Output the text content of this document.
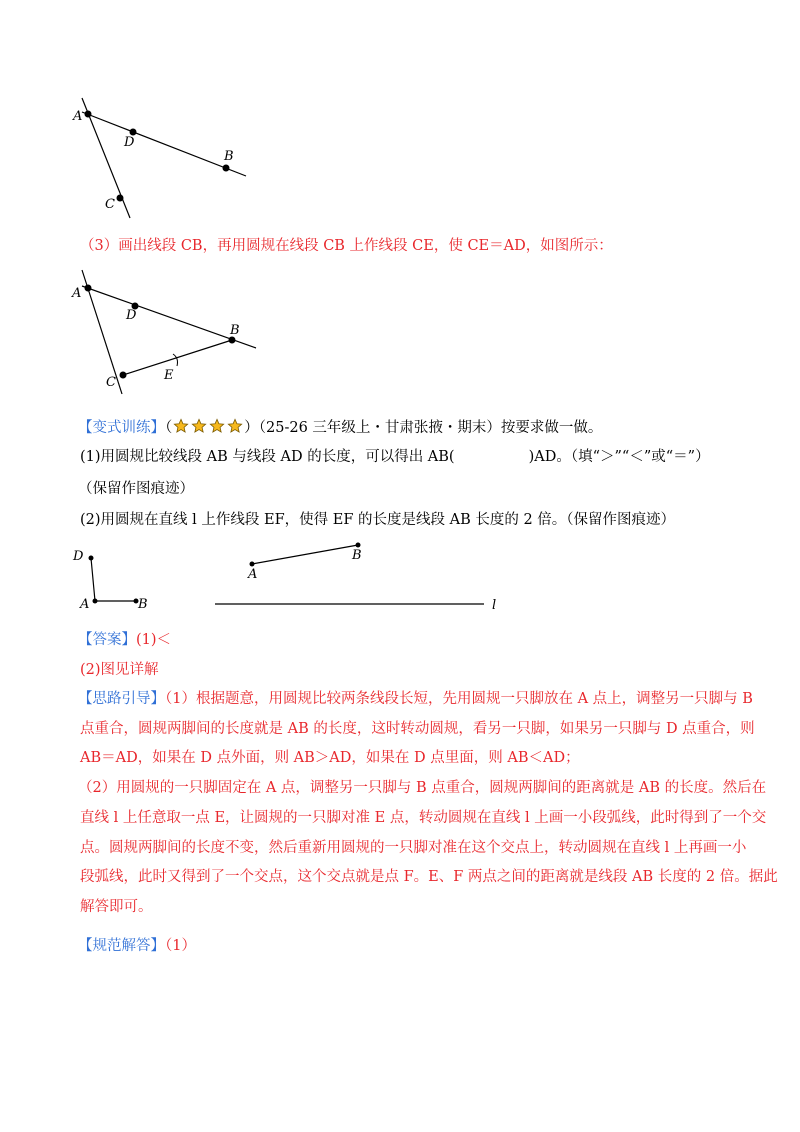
A
D
B
C
（3）画出线段 CB，再用圆规在线段 CB 上作线段 CE，使 CE＝AD，如图所示：
A
D
B
C	E
【变式训练】（	）（25-26 三年级上・甘肃张掖・期末）按要求做一做。
(1)用圆规比较线段 AB 与线段 AD 的长度，可以得出 AB(	)AD。（填“＞”“＜”或“＝”）
（保留作图痕迹）
(2)用圆规在直线 l 上作线段 EF，使得 EF 的长度是线段 AB 长度的 2 倍。（保留作图痕迹）
D
A	B
A
B
l
【答案】(1)＜
(2)图见详解
【思路引导】（1）根据题意，用圆规比较两条线段长短，先用圆规一只脚放在 A 点上，调整另一只脚与 B
点重合，圆规两脚间的长度就是 AB 的长度，这时转动圆规，看另一只脚，如果另一只脚与 D 点重合，则
AB＝AD，如果在 D 点外面，则 AB＞AD，如果在 D 点里面，则 AB＜AD；
（2）用圆规的一只脚固定在 A 点，调整另一只脚与 B 点重合，圆规两脚间的距离就是 AB 的长度。然后在
直线 l 上任意取一点 E，让圆规的一只脚对准 E 点，转动圆规在直线 l 上画一小段弧线，此时得到了一个交
点。圆规两脚间的长度不变，然后重新用圆规的一只脚对准在这个交点上，转动圆规在直线 l 上再画一小
段弧线，此时又得到了一个交点，这个交点就是点 F。E、F 两点之间的距离就是线段 AB 长度的 2 倍。据此
解答即可。
【规范解答】（1）
